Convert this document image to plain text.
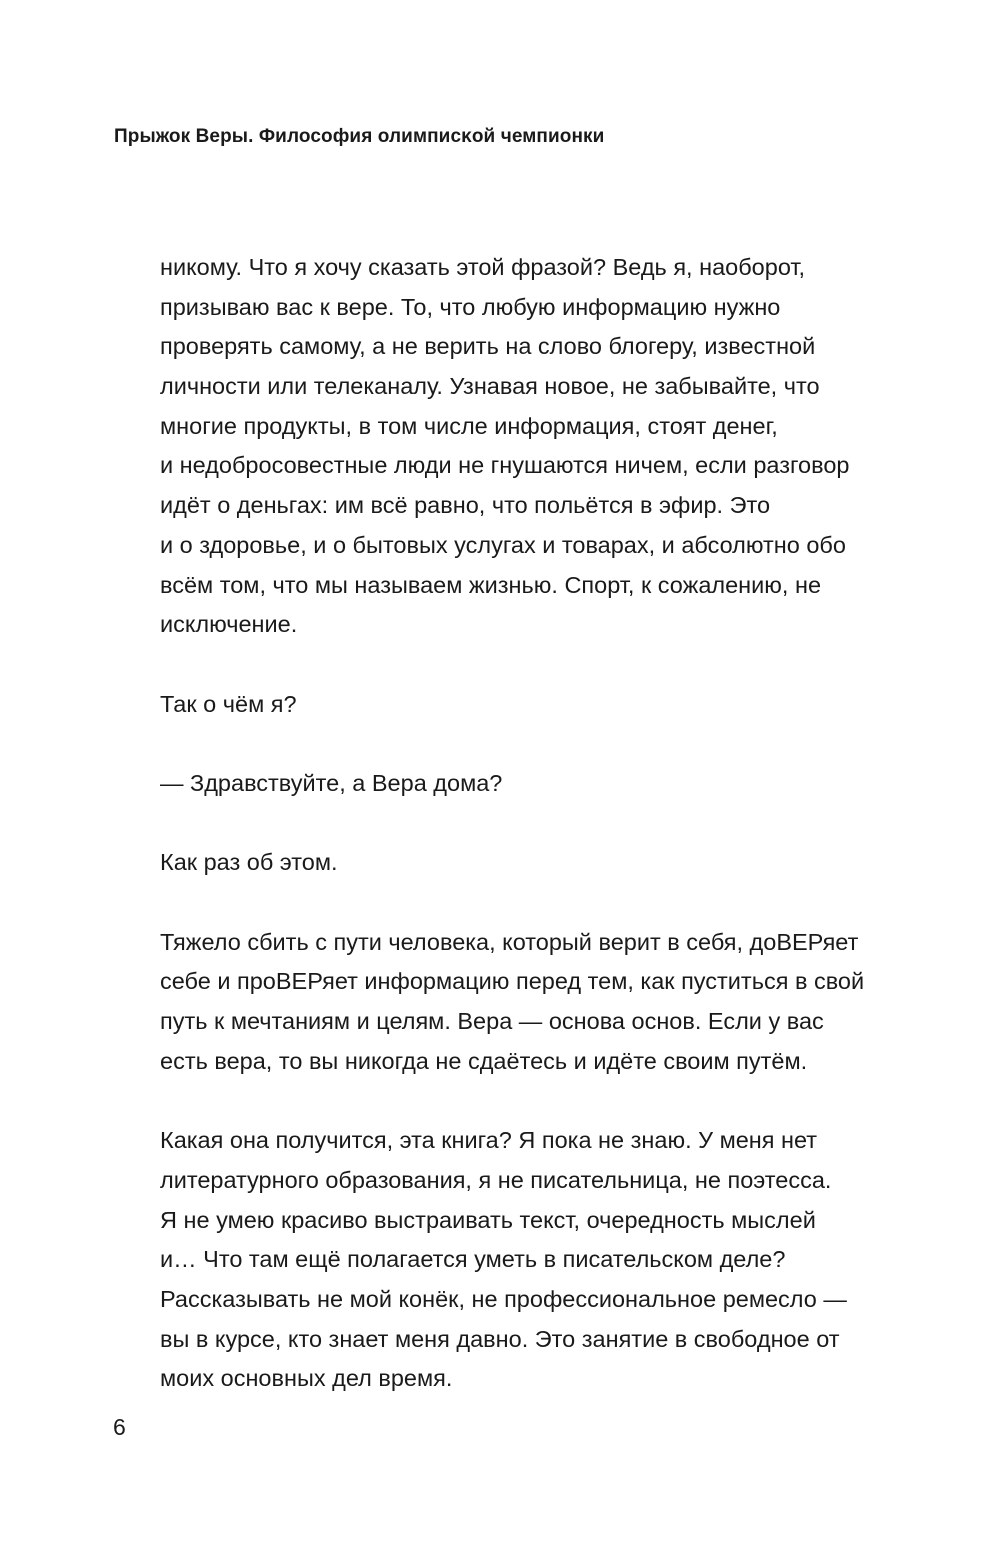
Прыжок Веры. Философия олимписκой чемпионки
никому. Что я хочу сказать этой фразой? Ведь я, наоборот,
призываю вас к вере. То, что любую информацию нужно
проверять самому, а не верить на слово блогеру, известной
личности или телеканалу. Узнавая новое, не забывайте, что
многие продукты, в том числе информация, стоят денег,
и недобросовестные люди не гнушаются ничем, если разговор
идёт о деньгах: им всё равно, что польётся в эфир. Это
и о здоровье, и о бытовых услугах и товарах, и абсолютно обо
всём том, что мы называем жизнью. Спорт, к сожалению, не
исключение.
Так о чём я?
— Здравствуйте, а Вера дома?
Как раз об этом.
Тяжело сбить с пути человека, который верит в себя, доВЕРяет
себе и проВЕРяет информацию перед тем, как пуститься в свой
путь к мечтаниям и целям. Вера — основа основ. Если у вас
есть вера, то вы никогда не сдаётесь и идёте своим путём.
Какая она получится, эта книга? Я пока не знаю. У меня нет
литературного образования, я не писательница, не поэтесса.
Я не умею красиво выстраивать текст, очередность мыслей
и… Что там ещё полагается уметь в писательском деле?
Рассказывать не мой конёк, не профессиональное ремесло —
вы в курсе, кто знает меня давно. Это занятие в свободное от
моих основных дел время.
6
